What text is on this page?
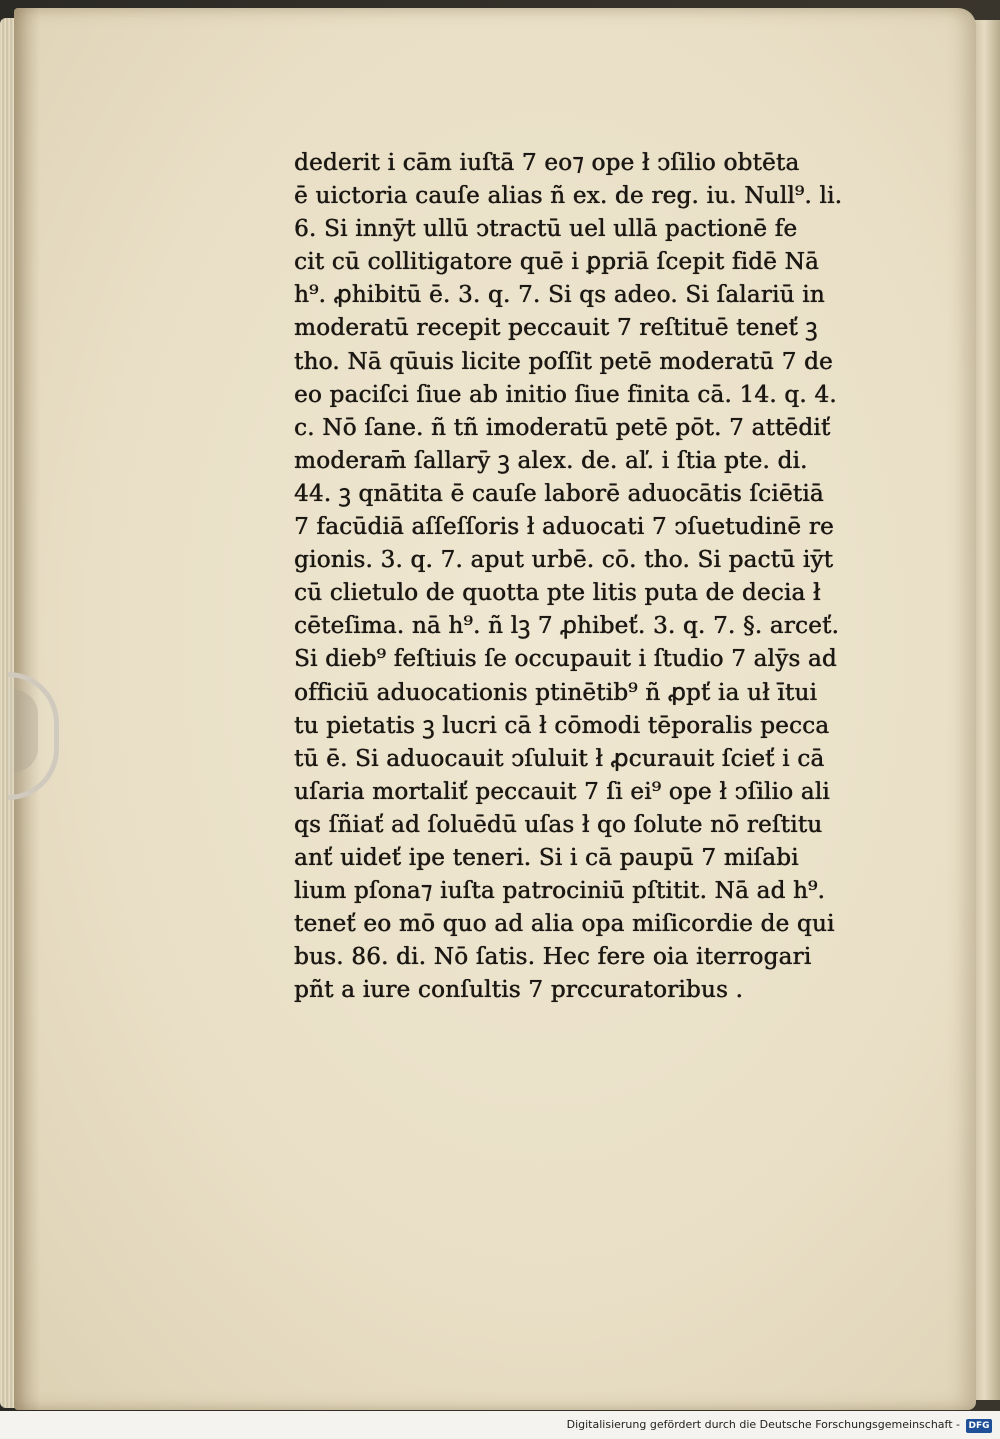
dederit i cām iuſtā 7 eo⁊ ope ł ↄſilio obtēta
ē uictoria cauſe alias ñ ex. de reg. iu. Null⁹. li.
6. Si innȳt ullū ↄtractū uel ullā pactionē fe
cit cū collitigatore quē i ꝑpriā ſcepit fidē Nā
h⁹. ꝓhibitū ē. 3. q. 7. Si qs adeo. Si ſalariū in
moderatū recepit peccauit 7 reſtituē teneť ꝫ
tho. Nā qūuis licite poſſit petē moderatū 7 de
eo paciſci ſiue ab initio ſiue finita cā. 14. q. 4.
c. Nō ſane. ñ tñ imoderatū petē pōt. 7 attēdiť
moderam̄ ſallarȳ ꝫ alex. de. aľ. i ſtia pte. di.
44. ꝫ qnātita ē cauſe laborē aduocātis ſciētiā
7 facūdiā aſſeſſoris ł aduocati 7 ↄſuetudinē re
gionis. 3. q. 7. aput urbē. cō. tho. Si pactū iȳt
cū clietulo de quotta pte litis puta de decia ł
cēteſima. nā h⁹. ñ lꝫ 7 ꝓhibeť. 3. q. 7. §. arceť.
Si dieb⁹ feſtiuis ſe occupauit i ſtudio 7 alȳs ad
officiū aduocationis ptinētib⁹ ñ ꝓpť ia uł ītui
tu pietatis ꝫ lucri cā ł cōmodi tēporalis pecca
tū ē. Si aduocauit ↄſuluit ł ꝓcurauit ſcieť i cā
uſaria mortaliť peccauit 7 ſi ei⁹ ope ł ↄſilio ali
qs ſñiať ad ſoluēdū uſas ł qo ſolute nō reſtitu
anť uideť ipe teneri. Si i cā paupū 7 miſabi
lium pſona⁊ iuſta patrociniū pſtitit. Nā ad h⁹.
teneť eo mō quo ad alia opa miſicordie de qui
bus. 86. di. Nō ſatis. Hec fere oia iterrogari
pñt a iure conſultis 7 prccuratoribus .
Digitalisierung gefördert durch die Deutsche Forschungsgemeinschaft - DFG
